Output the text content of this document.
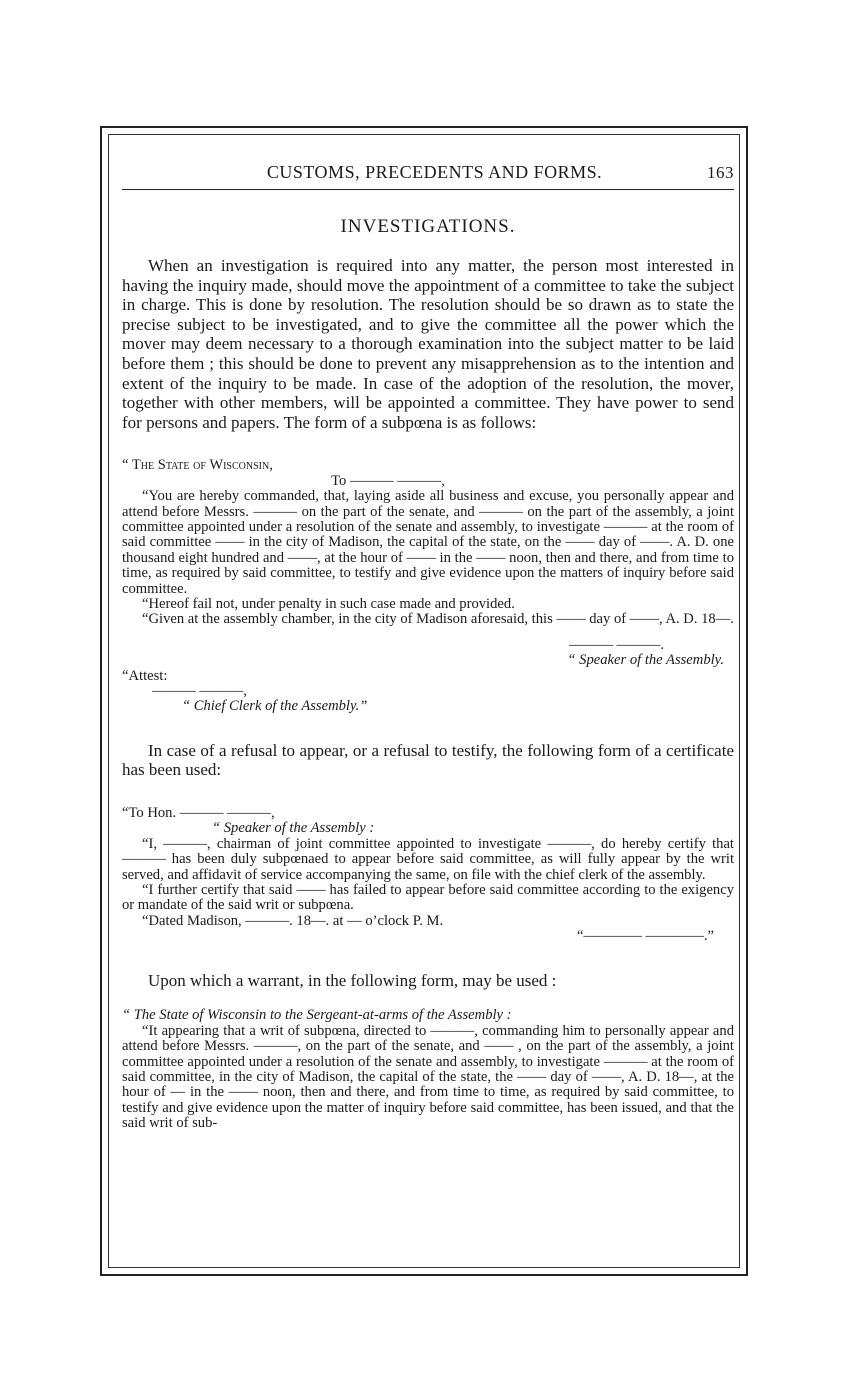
CUSTOMS, PRECEDENTS AND FORMS.	163
INVESTIGATIONS.

When an investigation is required into any matter, the person most interested in having the inquiry made, should move the appointment of a committee to take the subject in charge. This is done by resolution. The resolution should be so drawn as to state the precise subject to be investigated, and to give the committee all the power which the mover may deem necessary to a thorough examination into the subject matter to be laid before them ; this should be done to prevent any misapprehension as to the intention and extent of the inquiry to be made. In case of the adoption of the resolution, the mover, together with other members, will be appointed a committee. They have power to send for persons and papers. The form of a subpœna is as follows:

“ The State of Wisconsin,

To ——— ———,

“You are hereby commanded, that, laying aside all business and excuse, you personally appear and attend before Messrs. ——— on the part of the senate, and ——— on the part of the assembly, a joint committee appointed under a resolution of the senate and assembly, to investigate ——— at the room of said committee —— in the city of Madison, the capital of the state, on the —— day of ——. A. D. one thousand eight hundred and ——, at the hour of —— in the —— noon, then and there, and from time to time, as required by said committee, to testify and give evidence upon the matters of inquiry before said committee.

“Hereof fail not, under penalty in such case made and provided.

“Given at the assembly chamber, in the city of Madison aforesaid, this —— day of ——, A. D. 18—.

——— ———.

“ Speaker of the Assembly.

“Attest:

——— ———,

“ Chief Clerk of the Assembly.”

In case of a refusal to appear, or a refusal to testify, the following form of a certificate has been used:

“To Hon. ——— ———,

“ Speaker of the Assembly :

“I, ———, chairman of joint committee appointed to investigate ———, do hereby certify that ——— has been duly subpœnaed to appear before said committee, as will fully appear by the writ served, and affidavit of service accompanying the same, on file with the chief clerk of the assembly.

“I further certify that said —— has failed to appear before said committee according to the exigency or mandate of the said writ or subpœna.

“Dated Madison, ———. 18—. at — o’clock P. M.

“———— ————.”

Upon which a warrant, in the following form, may be used :

“ The State of Wisconsin to the Sergeant-at-arms of the Assembly :

“It appearing that a writ of subpœna, directed to ———, commanding him to personally appear and attend before Messrs. ———, on the part of the senate, and —— , on the part of the assembly, a joint committee appointed under a resolution of the senate and assembly, to investigate ——— at the room of said committee, in the city of Madison, the capital of the state, the —— day of ——, A. D. 18—, at the hour of — in the —— noon, then and there, and from time to time, as required by said committee, to testify and give evidence upon the matter of inquiry before said committee, has been issued, and that the said writ of sub-
